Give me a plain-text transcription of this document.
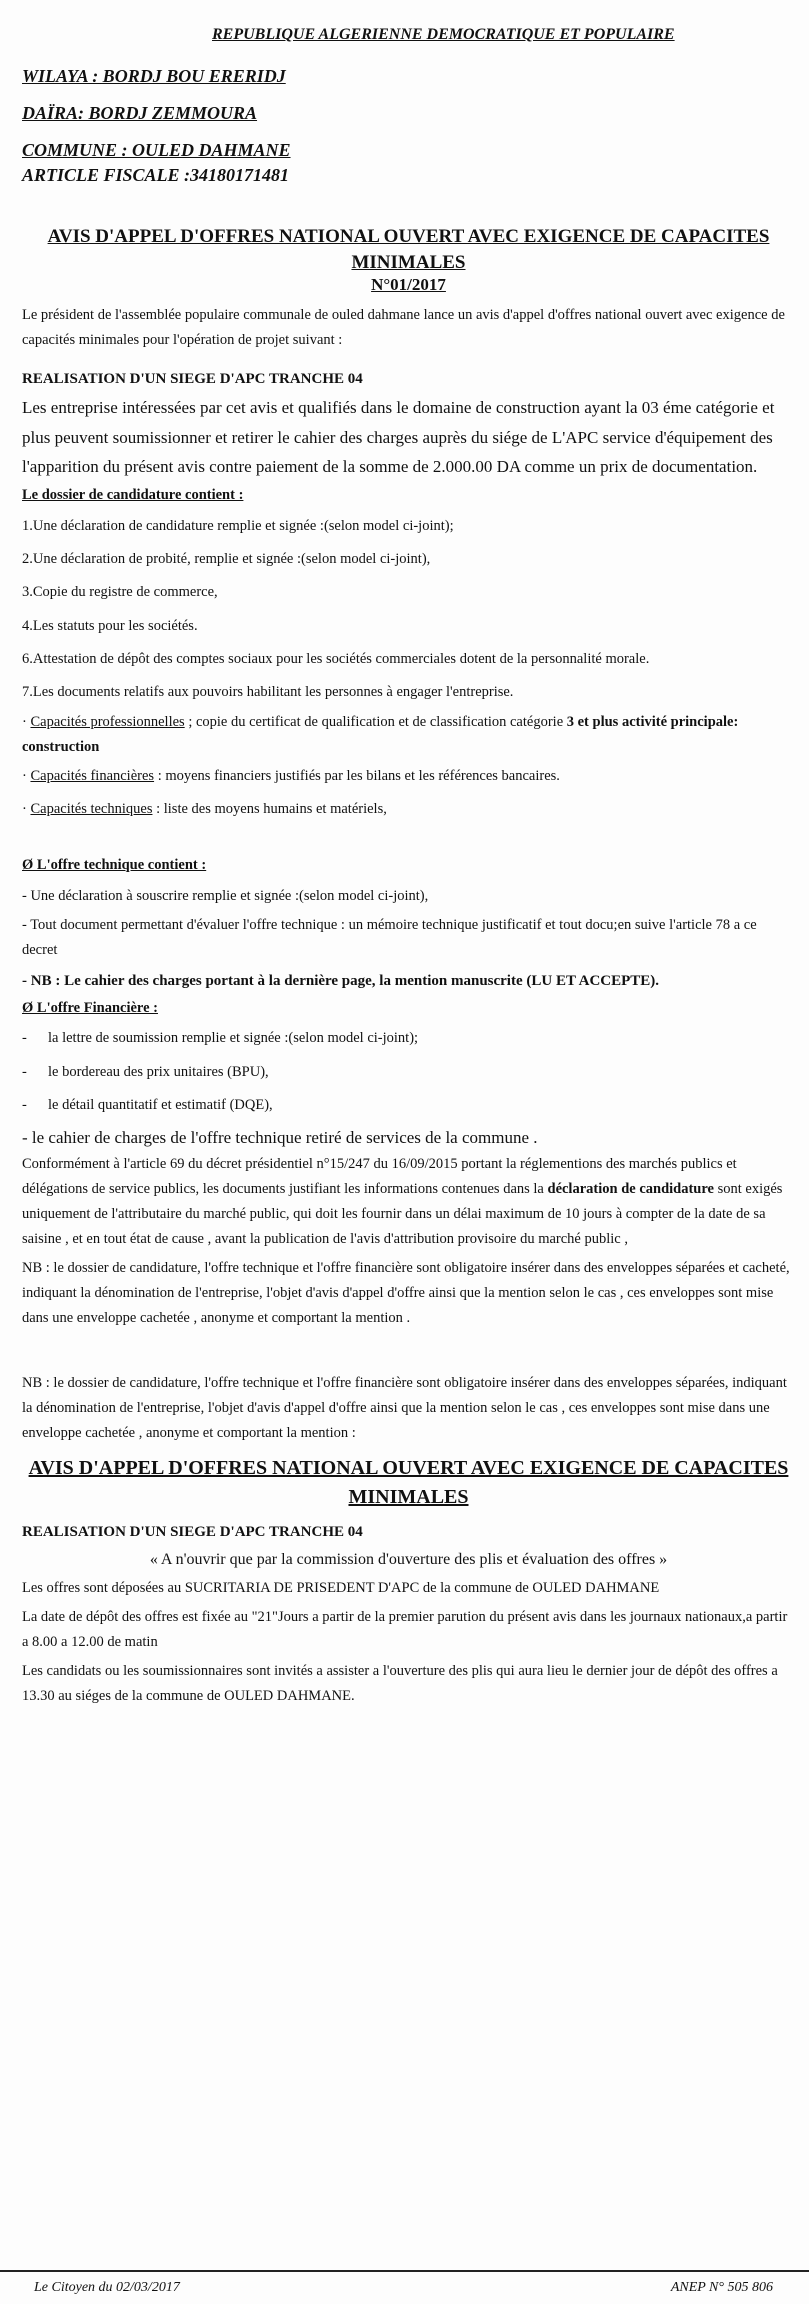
REPUBLIQUE ALGERIENNE DEMOCRATIQUE ET POPULAIRE
WILAYA : BORDJ BOU ERERIDJ
DAÏRA: BORDJ ZEMMOURA
COMMUNE : OULED DAHMANE
ARTICLE FISCALE :34180171481
AVIS D'APPEL D'OFFRES NATIONAL OUVERT AVEC EXIGENCE DE CAPACITES MINIMALES
N°01/2017

Le président de l'assemblée populaire communale de ouled dahmane lance un avis d'appel d'offres national ouvert avec exigence de capacités minimales pour l'opération de projet suivant :

REALISATION D'UN SIEGE D'APC TRANCHE 04

Les entreprise intéressées par cet avis et qualifiés dans le domaine de construction ayant la 03 éme catégorie et plus peuvent soumissionner et retirer le cahier des charges auprès du siége de L'APC service d'équipement des l'apparition du présent avis contre paiement de la somme de 2.000.00 DA comme un prix de documentation.

Le dossier de candidature contient :

1.Une déclaration de candidature remplie et signée :(selon model ci-joint);

2.Une déclaration de probité, remplie et signée :(selon model ci-joint),

3.Copie du registre de commerce,

4.Les statuts pour les sociétés.

6.Attestation de dépôt des comptes sociaux pour les sociétés commerciales dotent de la personnalité morale.

7.Les documents relatifs aux pouvoirs habilitant les personnes à engager l'entreprise.

· Capacités professionnelles ; copie du certificat de qualification et de classification catégorie 3 et plus activité principale: construction

· Capacités financières : moyens financiers justifiés par les bilans et les références bancaires.

· Capacités techniques : liste des moyens humains et matériels,

Ø L'offre technique contient :

- Une déclaration à souscrire remplie et signée :(selon model ci-joint),

- Tout document permettant d'évaluer l'offre technique : un mémoire technique justificatif et tout docu;en suive l'article 78 a ce decret

- NB : Le cahier des charges portant à la dernière page, la mention manuscrite (LU ET ACCEPTE).

Ø L'offre Financière :

- la lettre de soumission remplie et signée :(selon model ci-joint);

- le bordereau des prix unitaires (BPU),

- le détail quantitatif et estimatif (DQE),

- le cahier de charges de l'offre technique retiré de services de la commune .

Conformément à l'article 69 du décret présidentiel n°15/247 du 16/09/2015 portant la réglementions des marchés publics et délégations de service publics, les documents justifiant les informations contenues dans la déclaration de candidature sont exigés uniquement de l'attributaire du marché public, qui doit les fournir dans un délai maximum de 10 jours à compter de la date de sa saisine , et en tout état de cause , avant la publication de l'avis d'attribution provisoire du marché public ,

NB : le dossier de candidature, l'offre technique et l'offre financière sont obligatoire insérer dans des enveloppes séparées et cacheté, indiquant la dénomination de l'entreprise, l'objet d'avis d'appel d'offre ainsi que la mention selon le cas , ces enveloppes sont mise dans une enveloppe cachetée , anonyme et comportant la mention .

NB : le dossier de candidature, l'offre technique et l'offre financière sont obligatoire insérer dans des enveloppes séparées, indiquant la dénomination de l'entreprise, l'objet d'avis d'appel d'offre ainsi que la mention selon le cas , ces enveloppes sont mise dans une enveloppe cachetée , anonyme et comportant la mention :

AVIS D'APPEL D'OFFRES NATIONAL OUVERT AVEC EXIGENCE DE CAPACITES MINIMALES

REALISATION D'UN SIEGE D'APC TRANCHE 04

« A n'ouvrir que par la commission d'ouverture des plis et évaluation des offres »

Les offres sont déposées au SUCRITARIA DE PRISEDENT D'APC de la commune de OULED DAHMANE

La date de dépôt des offres est fixée au "21"Jours a partir de la premier parution du présent avis dans les journaux nationaux,a partir a 8.00 a 12.00 de matin

Les candidats ou les soumissionnaires sont invités a assister a l'ouverture des plis qui aura lieu le dernier jour de dépôt des offres a 13.30 au siéges de la commune de OULED DAHMANE.

Le Citoyen du 02/03/2017	ANEP N° 505 806
